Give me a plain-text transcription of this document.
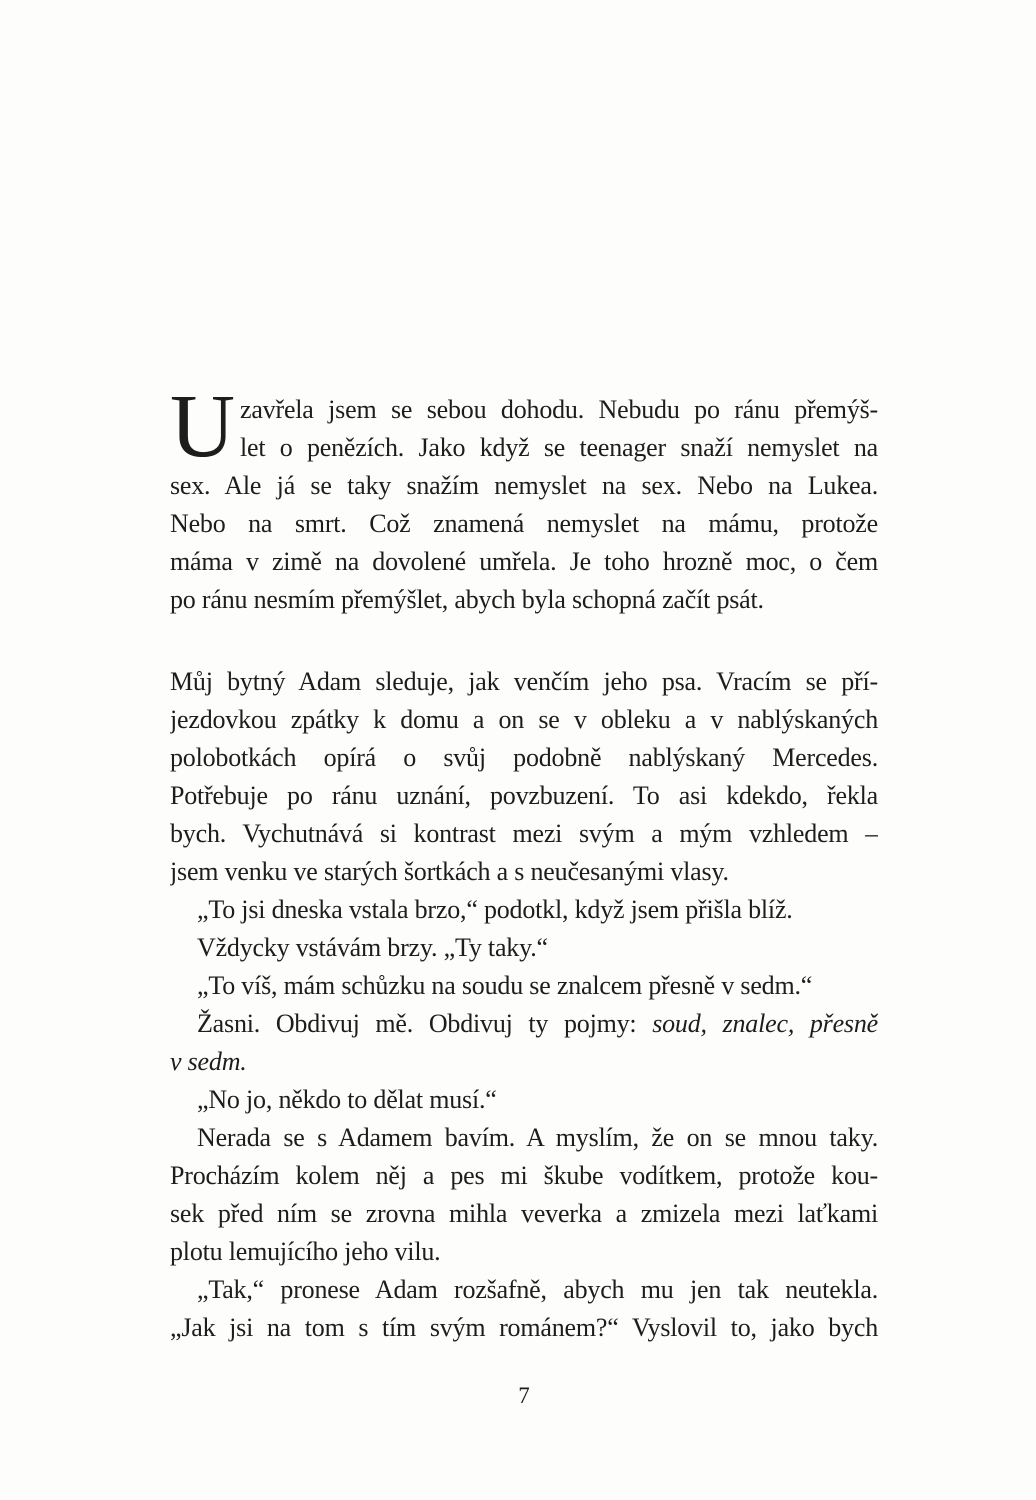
U zavřela jsem se sebou dohodu. Nebudu po ránu přemýš-
let o penězích. Jako když se teenager snaží nemyslet na
sex. Ale já se taky snažím nemyslet na sex. Nebo na Lukea.
Nebo na smrt. Což znamená nemyslet na mámu, protože
máma v zimě na dovolené umřela. Je toho hrozně moc, o čem
po ránu nesmím přemýšlet, abych byla schopná začít psát.
Můj bytný Adam sleduje, jak venčím jeho psa. Vracím se pří-
jezdovkou zpátky k domu a on se v obleku a v nablýskaných
polobotkách opírá o svůj podobně nablýskaný Mercedes.
Potřebuje po ránu uznání, povzbuzení. To asi kdekdo, řekla
bych. Vychutnává si kontrast mezi svým a mým vzhledem –
jsem venku ve starých šortkách a s neučesanými vlasy.
„To jsi dneska vstala brzo,“ podotkl, když jsem přišla blíž.
Vždycky vstávám brzy. „Ty taky.“
„To víš, mám schůzku na soudu se znalcem přesně v sedm.“
Žasni. Obdivuj mě. Obdivuj ty pojmy: soud, znalec, přesně
v sedm.
„No jo, někdo to dělat musí.“
Nerada se s Adamem bavím. A myslím, že on se mnou taky.
Procházím kolem něj a pes mi škube vodítkem, protože kou-
sek před ním se zrovna mihla veverka a zmizela mezi laťkami
plotu lemujícího jeho vilu.
„Tak,“ pronese Adam rozšafně, abych mu jen tak neutekla.
„Jak jsi na tom s tím svým románem?“ Vyslovil to, jako bych
7
